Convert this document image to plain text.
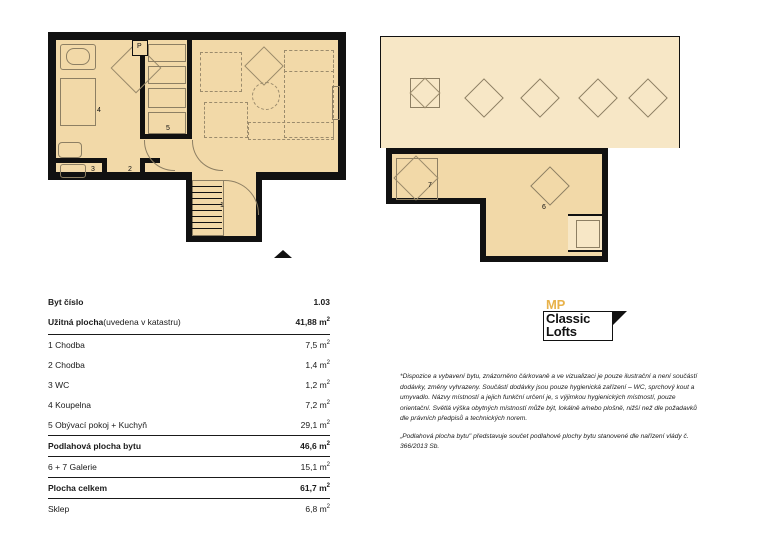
P
4
5
3	2
1
7
6
Byt číslo	1.03
Užitná plocha(uvedena v katastru)	41,88 $m^2$
1 Chodba	7,5 $m^2$
2 Chodba	1,4 $m^2$
3 WC	1,2 $m^2$
4 Koupelna	7,2 $m^2$
5 Obývací pokoj + Kuchyň	29,1 $m^2$
Podlahová plocha bytu	46,6 $m^2$
6 + 7 Galerie	15,1 $m^2$
Plocha celkem	61,7 $m^2$
Sklep	6,8 $m^2$
MP
Classic
Lofts

*Dispozice a vybavení bytu, znázorněno čárkovaně a ve vizualizaci je pouze ilustrační a není součástí dodávky, změny vyhrazeny. Součástí dodávky jsou pouze hygienická zařízení – WC, sprchový kout a umyvadlo. Názvy místností a jejich funkční určení je, s výjimkou hygienických místností, pouze orientační. Světlá výška obytných místností může být, lokálně a/nebo plošně, nižší než dle požadavků dle právních předpisů a technických norem.

„Podlahová plocha bytu" představuje součet podlahové plochy bytu stanovené dle nařízení vlády č. 366/2013 Sb.
